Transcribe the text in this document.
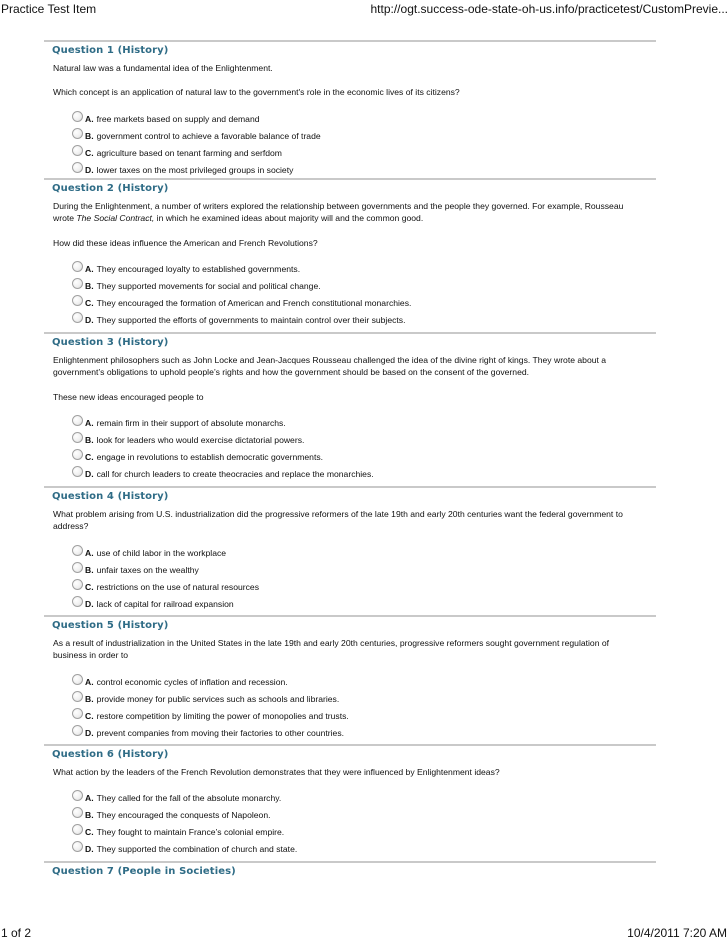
Practice Test Item	http://ogt.success-ode-state-oh-us.info/practicetest/CustomPrevie...
Question 1 (History)

Natural law was a fundamental idea of the Enlightenment.

Which concept is an application of natural law to the government's role in the economic lives of its citizens?

A. free markets based on supply and demand
B. government control to achieve a favorable balance of trade
C. agriculture based on tenant farming and serfdom
D. lower taxes on the most privileged groups in society
Question 2 (History)

During the Enlightenment, a number of writers explored the relationship between governments and the people they governed. For example, Rousseau wrote The Social Contract, in which he examined ideas about majority will and the common good.

How did these ideas influence the American and French Revolutions?

A. They encouraged loyalty to established governments.
B. They supported movements for social and political change.
C. They encouraged the formation of American and French constitutional monarchies.
D. They supported the efforts of governments to maintain control over their subjects.
Question 3 (History)

Enlightenment philosophers such as John Locke and Jean-Jacques Rousseau challenged the idea of the divine right of kings. They wrote about a government’s obligations to uphold people’s rights and how the government should be based on the consent of the governed.

These new ideas encouraged people to

A. remain firm in their support of absolute monarchs.
B. look for leaders who would exercise dictatorial powers.
C. engage in revolutions to establish democratic governments.
D. call for church leaders to create theocracies and replace the monarchies.
Question 4 (History)

What problem arising from U.S. industrialization did the progressive reformers of the late 19th and early 20th centuries want the federal government to address?

A. use of child labor in the workplace
B. unfair taxes on the wealthy
C. restrictions on the use of natural resources
D. lack of capital for railroad expansion
Question 5 (History)

As a result of industrialization in the United States in the late 19th and early 20th centuries, progressive reformers sought government regulation of business in order to

A. control economic cycles of inflation and recession.
B. provide money for public services such as schools and libraries.
C. restore competition by limiting the power of monopolies and trusts.
D. prevent companies from moving their factories to other countries.
Question 6 (History)

What action by the leaders of the French Revolution demonstrates that they were influenced by Enlightenment ideas?

A. They called for the fall of the absolute monarchy.
B. They encouraged the conquests of Napoleon.
C. They fought to maintain France’s colonial empire.
D. They supported the combination of church and state.
Question 7 (People in Societies)
1 of 2	10/4/2011 7:20 AM
